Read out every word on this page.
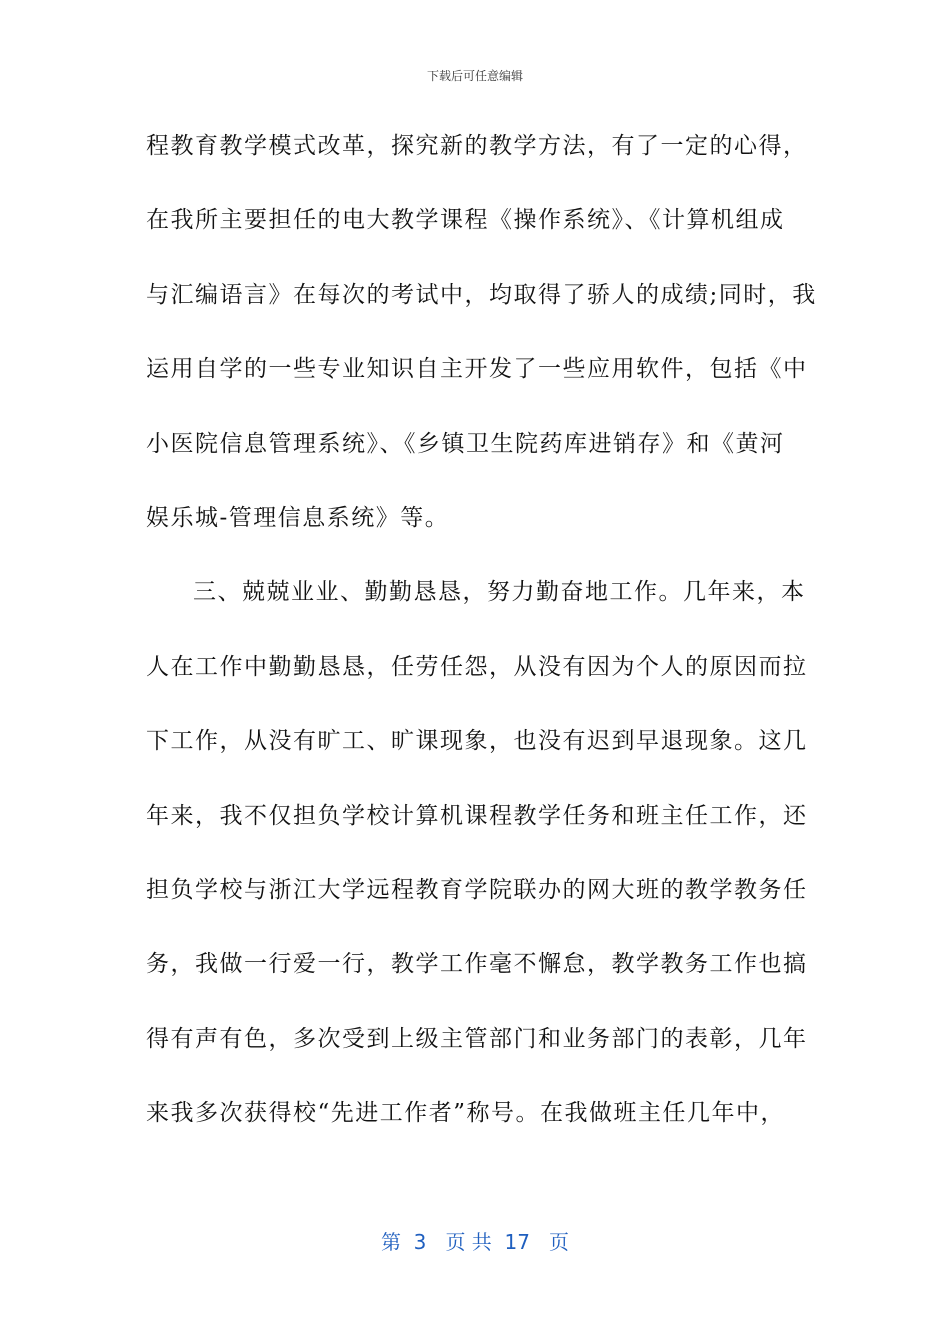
下载后可任意编辑
程教育教学模式改革，探究新的教学方法，有了一定的心得，
在我所主要担任的电大教学课程《操作系统》、《计算机组成
与汇编语言》在每次的考试中，均取得了骄人的成绩;同时，我
运用自学的一些专业知识自主开发了一些应用软件，包括《中
小医院信息管理系统》、《乡镇卫生院药库进销存》和《黄河
娱乐城-管理信息系统》等。
三、兢兢业业、勤勤恳恳，努力勤奋地工作。几年来，本
人在工作中勤勤恳恳，任劳任怨，从没有因为个人的原因而拉
下工作，从没有旷工、旷课现象，也没有迟到早退现象。这几
年来，我不仅担负学校计算机课程教学任务和班主任工作，还
担负学校与浙江大学远程教育学院联办的网大班的教学教务任
务，我做一行爱一行，教学工作毫不懈怠，教学教务工作也搞
得有声有色，多次受到上级主管部门和业务部门的表彰，几年
来我多次获得校“先进工作者”称号。在我做班主任几年中，
第  3   页 共  17   页
